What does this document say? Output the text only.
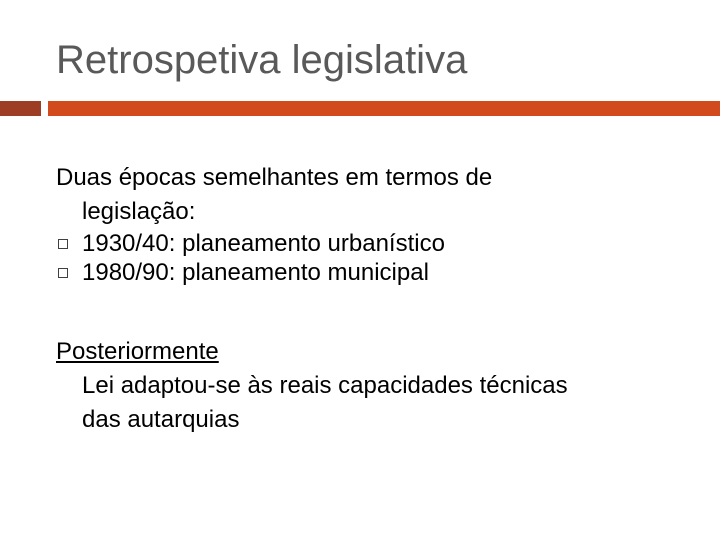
Retrospetiva legislativa
Duas épocas semelhantes em termos de
legislação:
1930/40: planeamento urbanístico
1980/90: planeamento municipal
Posteriormente
Lei adaptou-se às reais capacidades técnicas
das autarquias
